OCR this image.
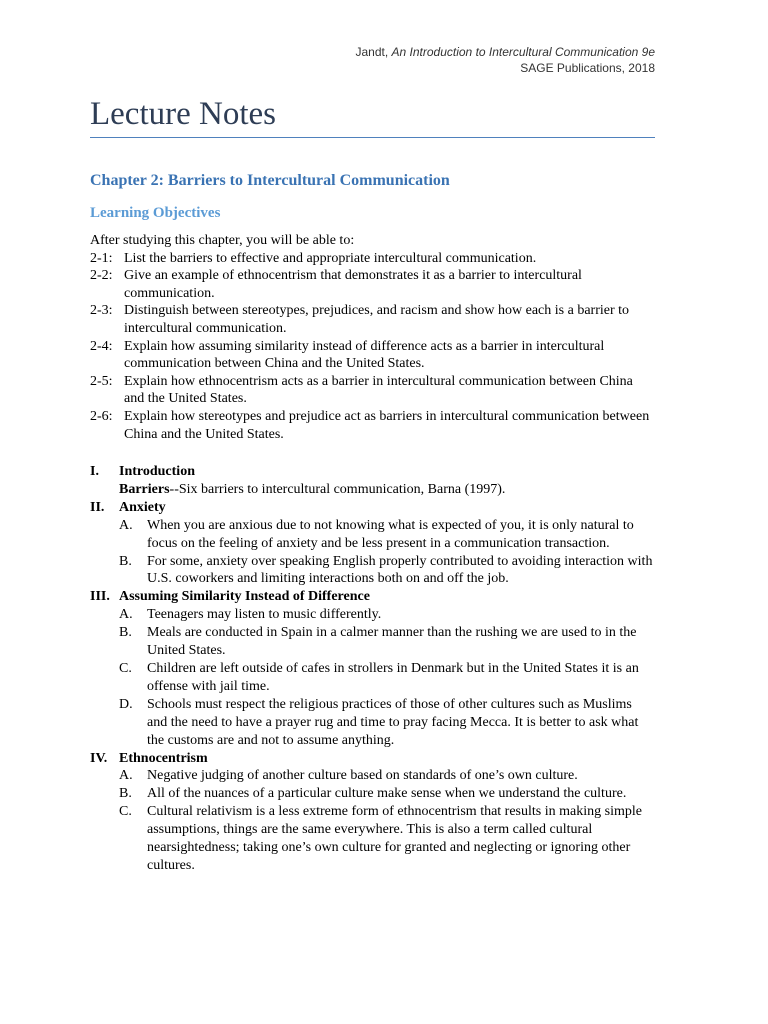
Jandt, An Introduction to Intercultural Communication 9e
SAGE Publications, 2018
Lecture Notes
Chapter 2: Barriers to Intercultural Communication
Learning Objectives
After studying this chapter, you will be able to:
2-1: List the barriers to effective and appropriate intercultural communication.
2-2: Give an example of ethnocentrism that demonstrates it as a barrier to intercultural communication.
2-3: Distinguish between stereotypes, prejudices, and racism and show how each is a barrier to intercultural communication.
2-4: Explain how assuming similarity instead of difference acts as a barrier in intercultural communication between China and the United States.
2-5: Explain how ethnocentrism acts as a barrier in intercultural communication between China and the United States.
2-6: Explain how stereotypes and prejudice act as barriers in intercultural communication between China and the United States.
I.	Introduction
Barriers--Six barriers to intercultural communication, Barna (1997).
II.	Anxiety
A.	When you are anxious due to not knowing what is expected of you, it is only natural to focus on the feeling of anxiety and be less present in a communication transaction.
B.	For some, anxiety over speaking English properly contributed to avoiding interaction with U.S. coworkers and limiting interactions both on and off the job.
III. Assuming Similarity Instead of Difference
A.	Teenagers may listen to music differently.
B.	Meals are conducted in Spain in a calmer manner than the rushing we are used to in the United States.
C.	Children are left outside of cafes in strollers in Denmark but in the United States it is an offense with jail time.
D.	Schools must respect the religious practices of those of other cultures such as Muslims and the need to have a prayer rug and time to pray facing Mecca. It is better to ask what the customs are and not to assume anything.
IV. Ethnocentrism
A.	Negative judging of another culture based on standards of one’s own culture.
B.	All of the nuances of a particular culture make sense when we understand the culture.
C.	Cultural relativism is a less extreme form of ethnocentrism that results in making simple assumptions, things are the same everywhere. This is also a term called cultural nearsightedness; taking one’s own culture for granted and neglecting or ignoring other cultures.
